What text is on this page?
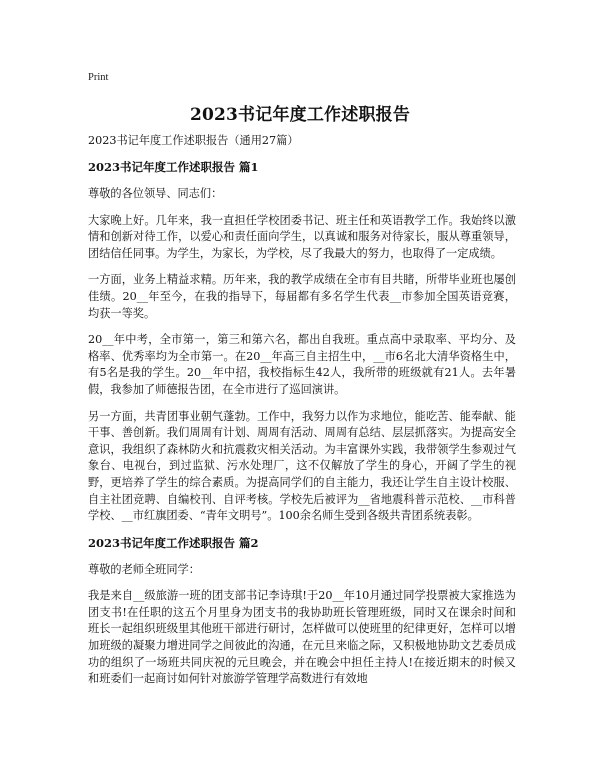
Print
2023书记年度工作述职报告
2023书记年度工作述职报告（通用27篇）
2023书记年度工作述职报告 篇1

尊敬的各位领导、同志们：

大家晚上好。几年来，我一直担任学校团委书记、班主任和英语教学工作。我始终以激情和创新对待工作，以爱心和责任面向学生，以真诚和服务对待家长，服从尊重领导，团结信任同事。为学生，为家长，为学校，尽了我最大的努力，也取得了一定成绩。

一方面，业务上精益求精。历年来，我的教学成绩在全市有目共睹，所带毕业班也屡创佳绩。20__年至今，在我的指导下，每届都有多名学生代表__市参加全国英语竞赛，均获一等奖。

20__年中考，全市第一，第三和第六名，都出自我班。重点高中录取率、平均分、及格率、优秀率均为全市第一。在20__年高三自主招生中，__市6名北大清华资格生中，有5名是我的学生。20__年中招，我校指标生42人，我所带的班级就有21人。去年暑假，我参加了师德报告团，在全市进行了巡回演讲。

另一方面，共青团事业朝气蓬勃。工作中，我努力以作为求地位，能吃苦、能奉献、能干事、善创新。我们周周有计划、周周有活动、周周有总结、层层抓落实。为提高安全意识，我组织了森林防火和抗震救灾相关活动。为丰富课外实践，我带领学生参观过气象台、电视台，到过监狱、污水处理厂，这不仅解放了学生的身心，开阔了学生的视野，更培养了学生的综合素质。为提高同学们的自主能力，我还让学生自主设计校服、自主社团竞聘、自编校刊、自评考核。学校先后被评为__省地震科普示范校、__市科普学校、__市红旗团委、“青年文明号”。100余名师生受到各级共青团系统表彰。

2023书记年度工作述职报告 篇2

尊敬的老师全班同学：

我是来自__级旅游一班的团支部书记李诗琪!于20__年10月通过同学投票被大家推选为团支书!在任职的这五个月里身为团支书的我协助班长管理班级，同时又在课余时间和班长一起组织班级里其他班干部进行研讨，怎样做可以使班里的纪律更好，怎样可以增加班级的凝聚力增进同学之间彼此的沟通，在元旦来临之际，又积极地协助文艺委员成功的组织了一场班共同庆祝的元旦晚会，并在晚会中担任主持人!在接近期末的时候又和班委们一起商讨如何针对旅游学管理学高数进行有效地
